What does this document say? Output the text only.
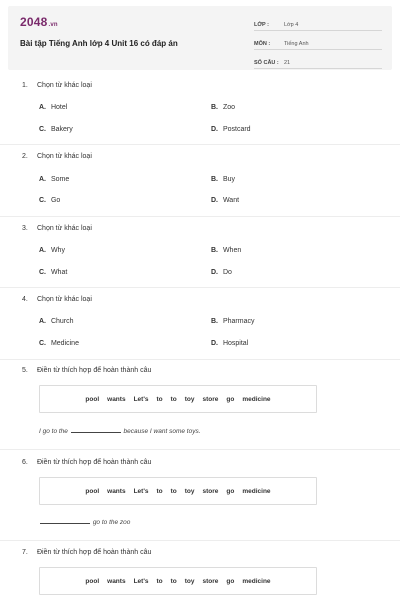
2048.vn
Bài tập Tiếng Anh lớp 4 Unit 16 có đáp án
LỚP :	Lớp 4
MÔN :	Tiếng Anh
SỐ CÂU : 21
1. Chọn từ khác loại
A. Hotel	B. Zoo
C. Bakery	D. Postcard
2. Chọn từ khác loại
A. Some	B. Buy
C. Go	D. Want
3. Chọn từ khác loại
A. Why	B. When
C. What	D. Do
4. Chọn từ khác loại
A. Church	B. Pharmacy
C. Medicine	D. Hospital
5. Điền từ thích hợp để hoàn thành câu
pool wants Let's to to toy store go medicine
I go to the	because I want some toys.
6. Điền từ thích hợp để hoàn thành câu
pool wants Let's to to toy store go medicine
go to the zoo
7. Điền từ thích hợp để hoàn thành câu
pool wants Let's to to toy store go medicine
